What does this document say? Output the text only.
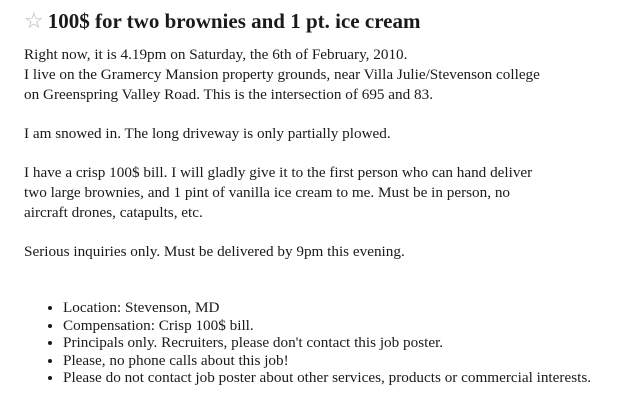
☆ 100$ for two brownies and 1 pt. ice cream

Right now, it is 4.19pm on Saturday, the 6th of February, 2010.
I live on the Gramercy Mansion property grounds, near Villa Julie/Stevenson college
on Greenspring Valley Road. This is the intersection of 695 and 83.

I am snowed in. The long driveway is only partially plowed.

I have a crisp 100$ bill. I will gladly give it to the first person who can hand deliver
two large brownies, and 1 pint of vanilla ice cream to me. Must be in person, no
aircraft drones, catapults, etc.

Serious inquiries only. Must be delivered by 9pm this evening.

• Location: Stevenson, MD
• Compensation: Crisp 100$ bill.
• Principals only. Recruiters, please don't contact this job poster.
• Please, no phone calls about this job!
• Please do not contact job poster about other services, products or commercial interests.
